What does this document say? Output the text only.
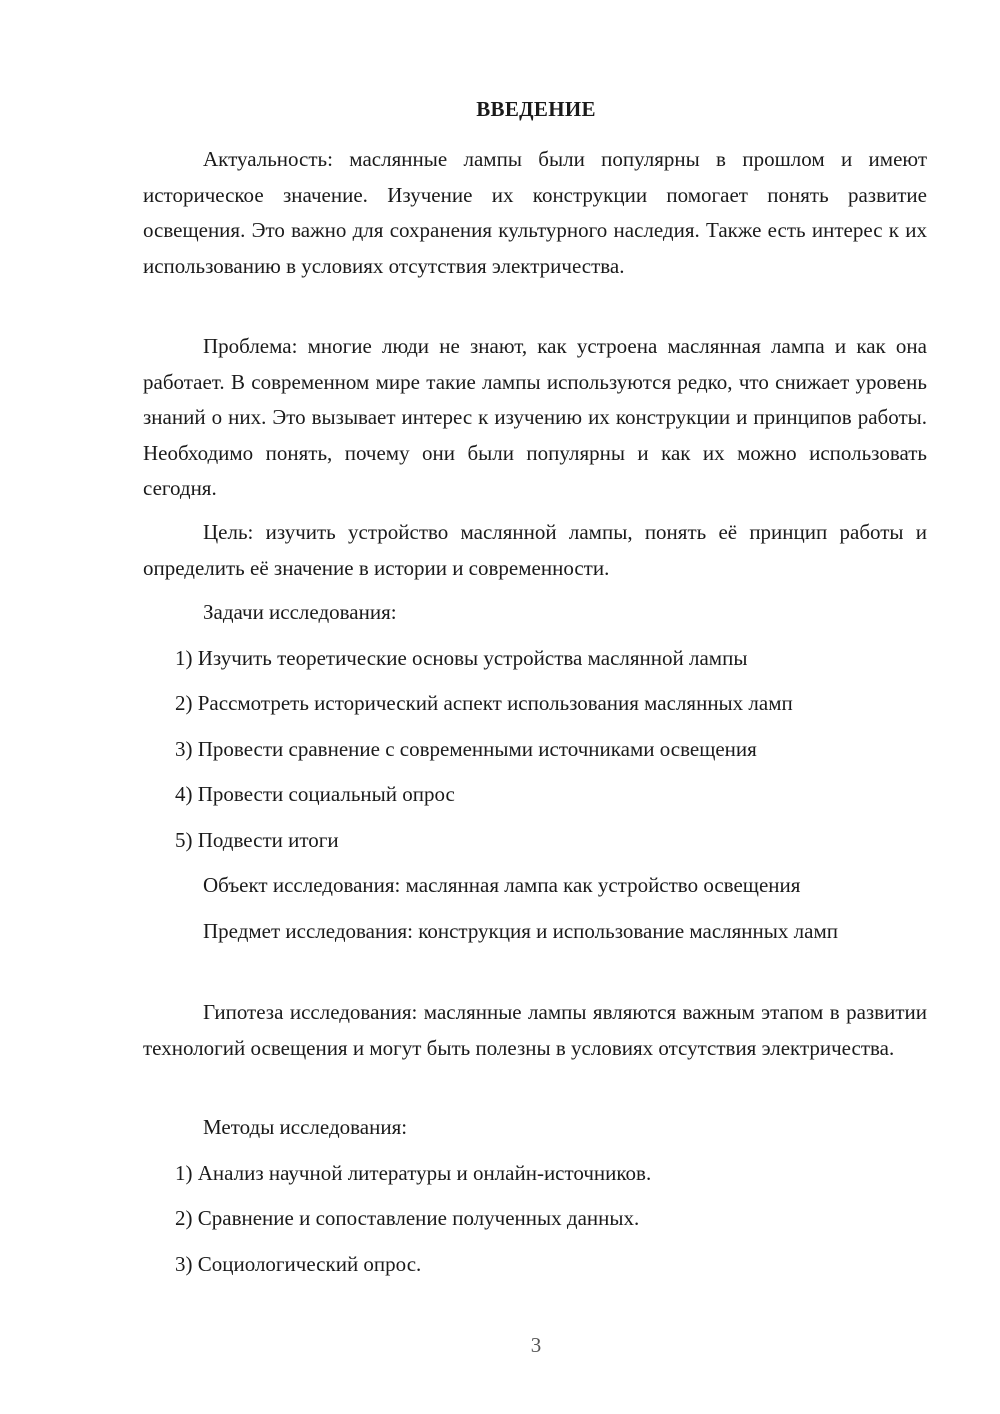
ВВЕДЕНИЕ

Актуальность: маслянные лампы были популярны в прошлом и имеют историческое значение. Изучение их конструкции помогает понять развитие освещения. Это важно для сохранения культурного наследия. Также есть интерес к их использованию в условиях отсутствия электричества.

Проблема: многие люди не знают, как устроена маслянная лампа и как она работает. В современном мире такие лампы используются редко, что снижает уровень знаний о них. Это вызывает интерес к изучению их конструкции и принципов работы. Необходимо понять, почему они были популярны и как их можно использовать сегодня.

Цель: изучить устройство маслянной лампы, понять её принцип работы и определить её значение в истории и современности.

Задачи исследования:

1) Изучить теоретические основы устройства маслянной лампы

2) Рассмотреть исторический аспект использования маслянных ламп

3) Провести сравнение с современными источниками освещения

4) Провести социальный опрос

5) Подвести итоги

Объект исследования: маслянная лампа как устройство освещения

Предмет исследования: конструкция и использование маслянных ламп

Гипотеза исследования: маслянные лампы являются важным этапом в развитии технологий освещения и могут быть полезны в условиях отсутствия электричества.

Методы исследования:

1) Анализ научной литературы и онлайн-источников.

2) Сравнение и сопоставление полученных данных.

3) Социологический опрос.

3
